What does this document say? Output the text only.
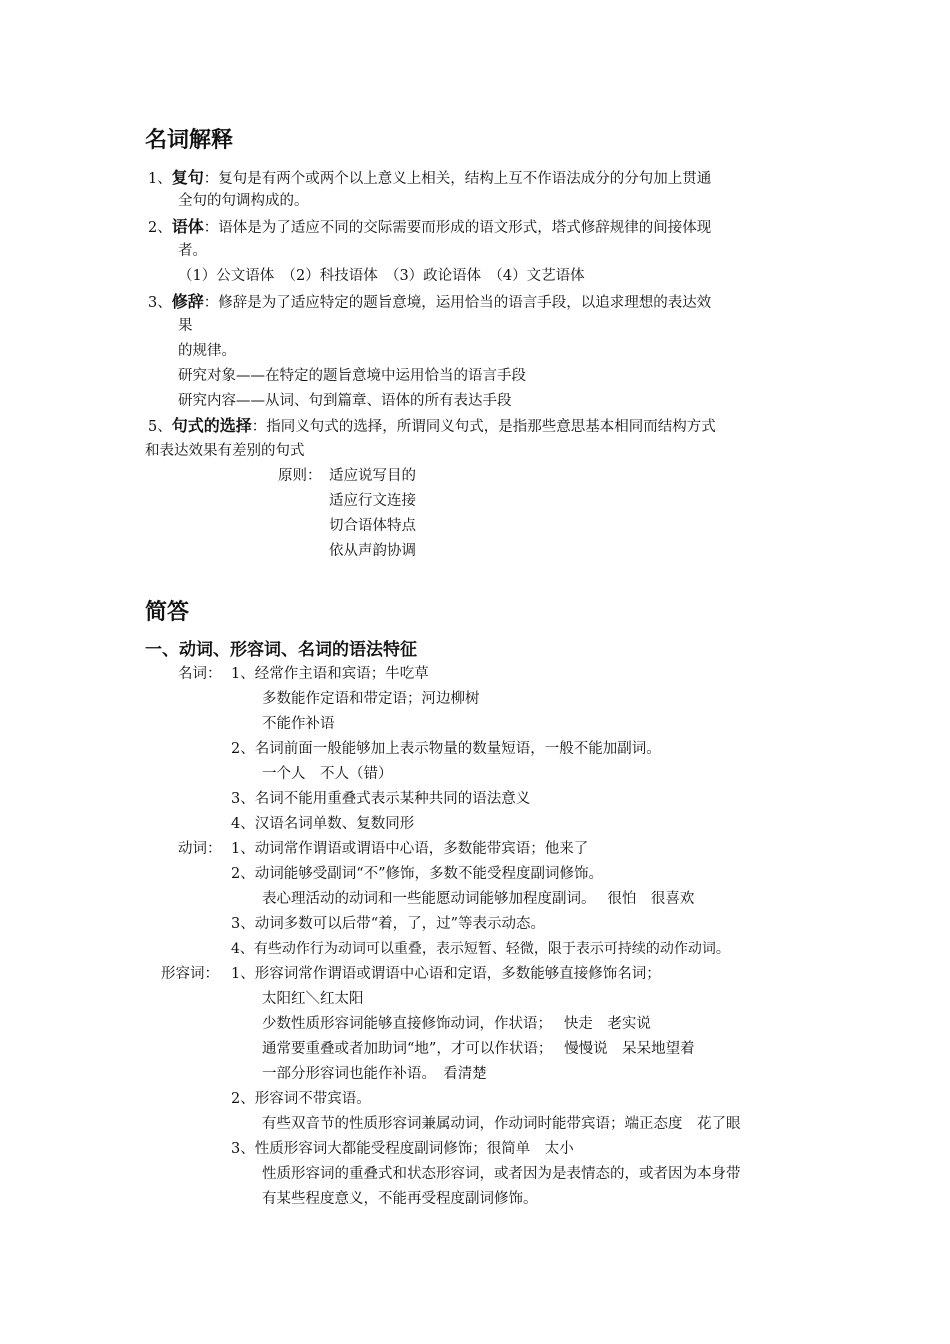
名词解释
1、复句：复句是有两个或两个以上意义上相关，结构上互不作语法成分的分句加上贯通
全句的句调构成的。
2、语体：语体是为了适应不同的交际需要而形成的语文形式，塔式修辞规律的间接体现
者。
（1）公文语体　（2）科技语体　（3）政论语体　（4）文艺语体
3、修辞：修辞是为了适应特定的题旨意境，运用恰当的语言手段，以追求理想的表达效
果
的规律。
研究对象——在特定的题旨意境中运用恰当的语言手段
研究内容——从词、句到篇章、语体的所有表达手段
5、句式的选择：指同义句式的选择，所谓同义句式，是指那些意思基本相同而结构方式
和表达效果有差别的句式
原则： 适应说写目的
适应行文连接
切合语体特点
依从声韵协调
简答
一、动词、形容词、名词的语法特征
名词： 1、经常作主语和宾语；牛吃草
多数能作定语和带定语；河边柳树
不能作补语
2、名词前面一般能够加上表示物量的数量短语，一般不能加副词。
一个人　不人（错）
3、名词不能用重叠式表示某种共同的语法意义
4、汉语名词单数、复数同形
动词： 1、动词常作谓语或谓语中心语，多数能带宾语；他来了
2、动词能够受副词“不”修饰，多数不能受程度副词修饰。
表心理活动的动词和一些能愿动词能够加程度副词。　 很怕　很喜欢
3、动词多数可以后带“着，了，过”等表示动态。
4、有些动作行为动词可以重叠，表示短暂、轻微，限于表示可持续的动作动词。
形容词： 1、形容词常作谓语或谓语中心语和定语，多数能够直接修饰名词；
太阳红＼红太阳
少数性质形容词能够直接修饰动词，作状语；　 快走　老实说
通常要重叠或者加助词“地”，才可以作状语；　 慢慢说　呆呆地望着
一部分形容词也能作补语。　看清楚
2、形容词不带宾语。
有些双音节的性质形容词兼属动词，作动词时能带宾语；端正态度　花了眼
3、性质形容词大都能受程度副词修饰；很简单　太小
性质形容词的重叠式和状态形容词，或者因为是表情态的，或者因为本身带
有某些程度意义，不能再受程度副词修饰。
